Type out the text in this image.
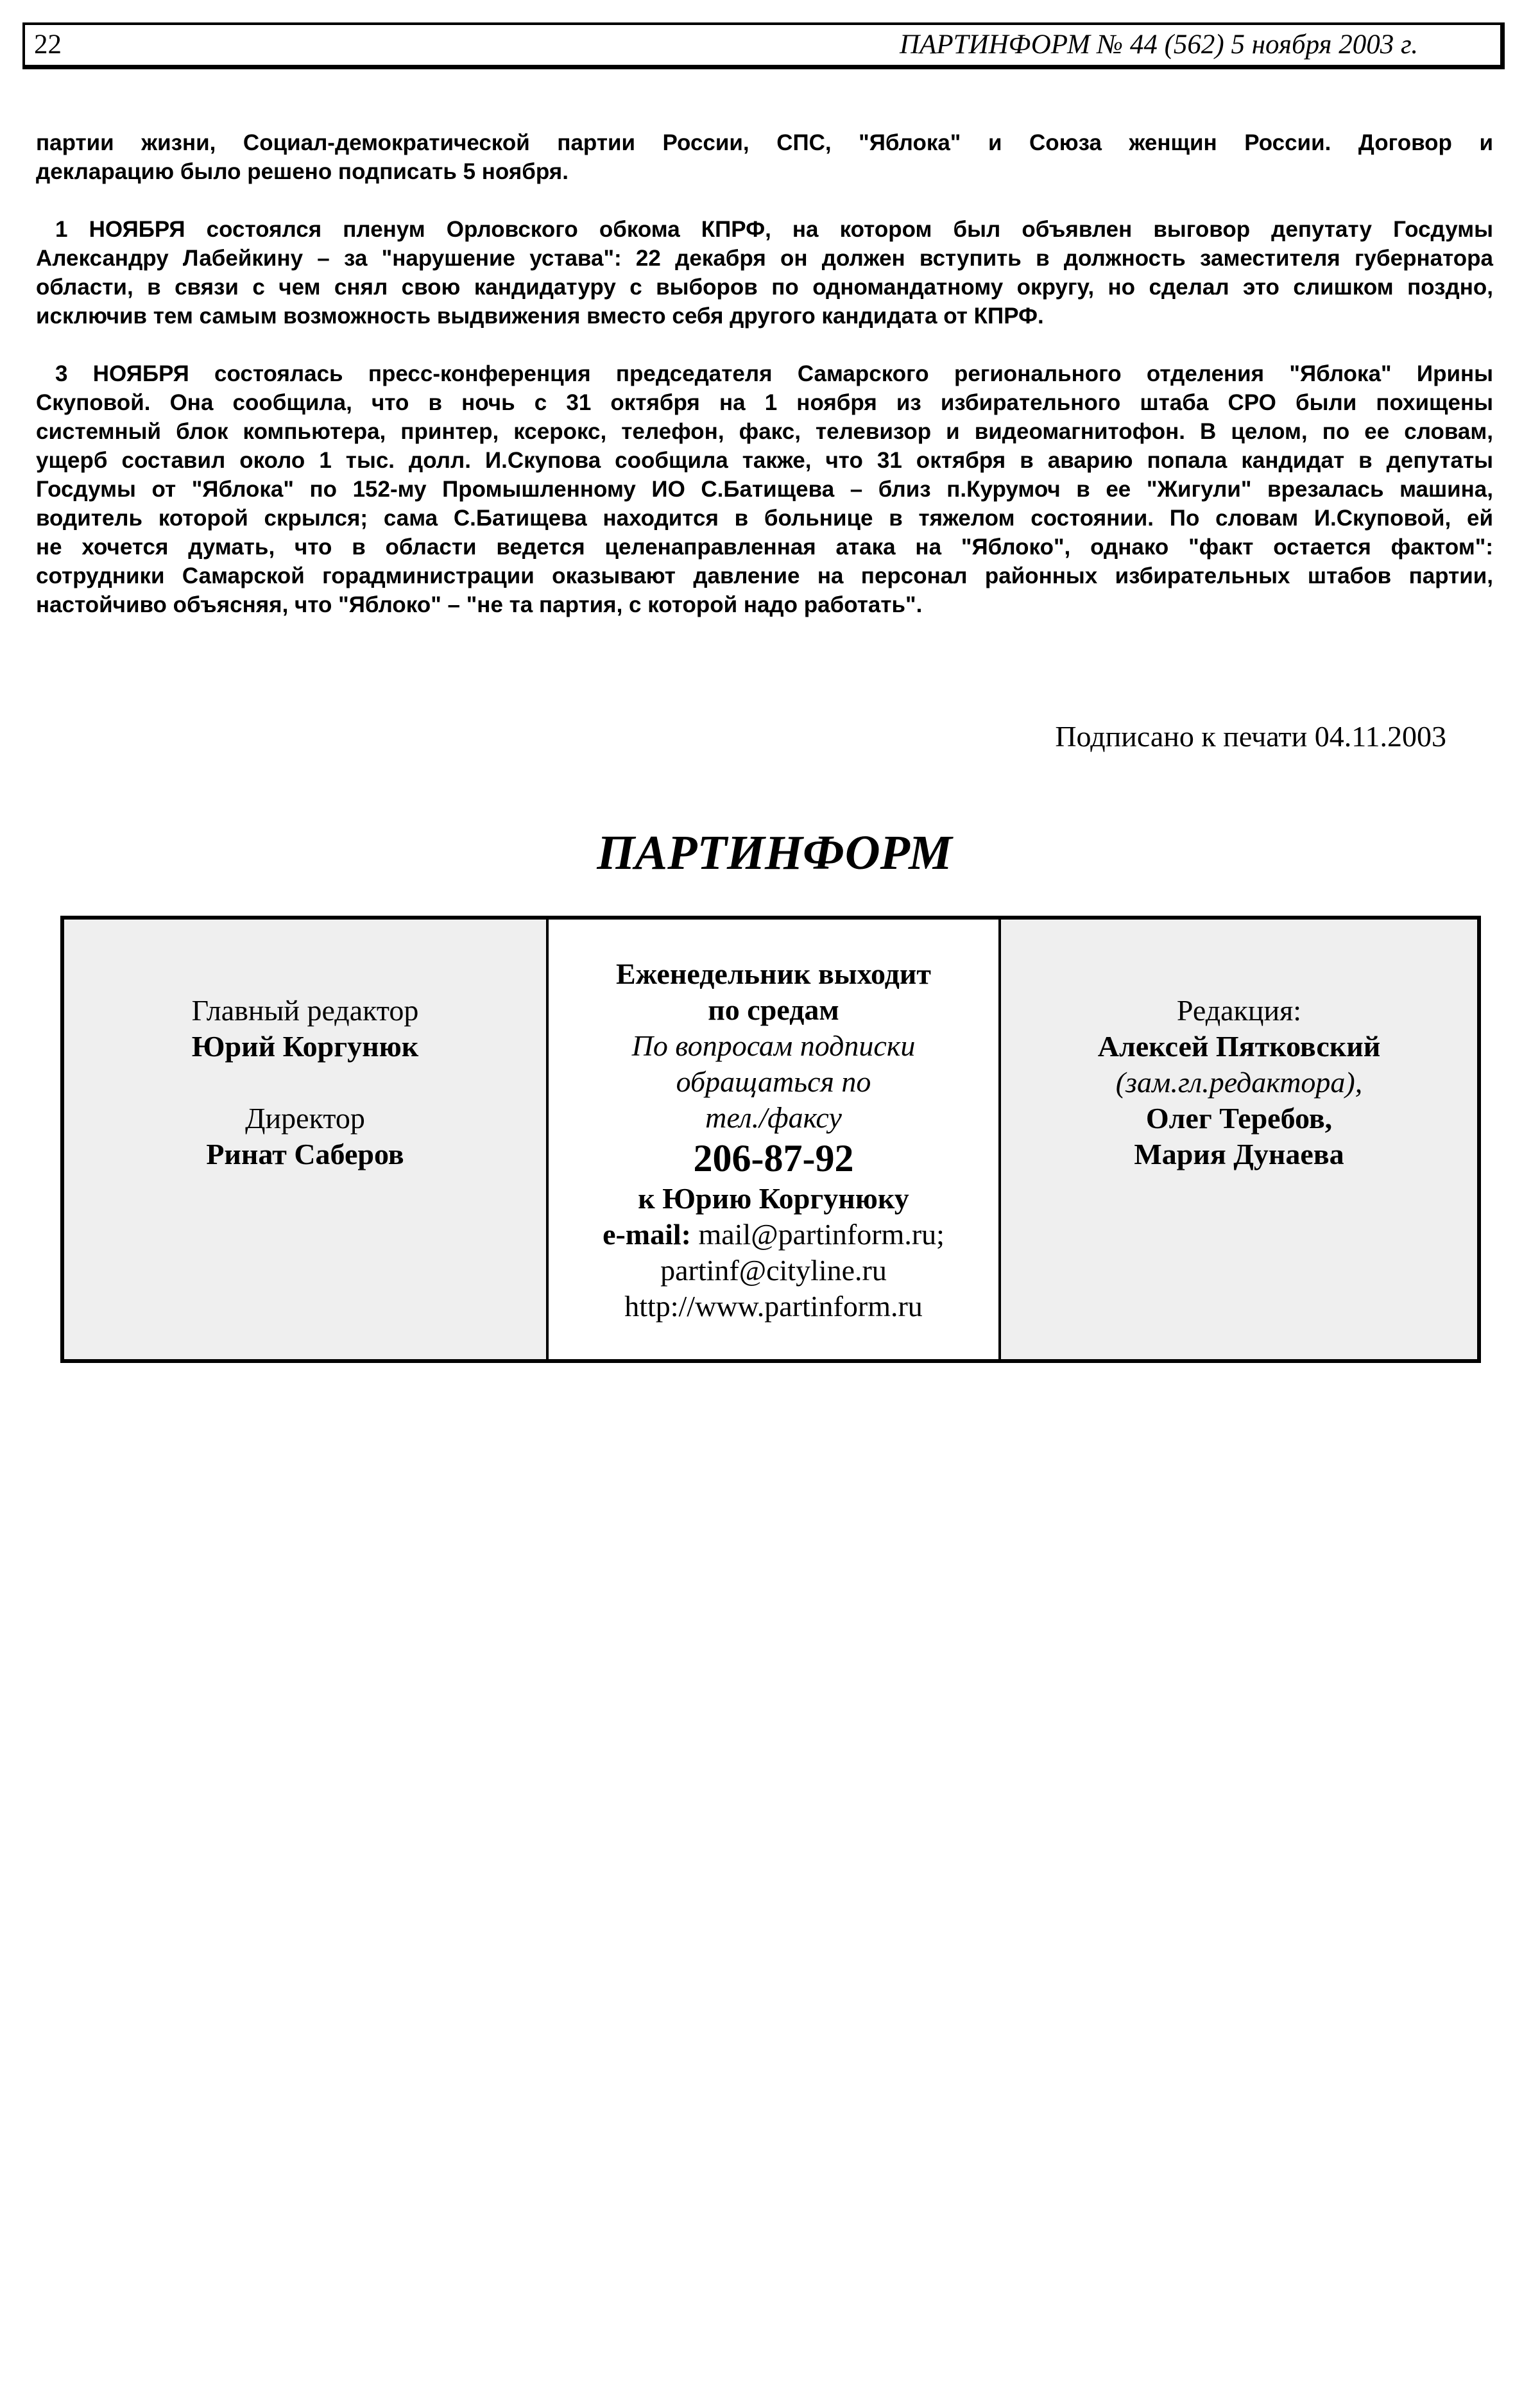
22	ПАРТИНФОРМ № 44 (562) 5 ноября 2003 г.
партии жизни, Социал-демократической партии России, СПС, "Яблока" и Союза женщин России. Договор и
декларацию было решено подписать 5 ноября.
1 НОЯБРЯ состоялся пленум Орловского обкома КПРФ, на котором был объявлен выговор депутату Госдумы
Александру Лабейкину – за "нарушение устава": 22 декабря он должен вступить в должность заместителя губернатора
области, в связи с чем снял свою кандидатуру с выборов по одномандатному округу, но сделал это слишком поздно,
исключив тем самым возможность выдвижения вместо себя другого кандидата от КПРФ.
3 НОЯБРЯ состоялась пресс-конференция председателя Самарского регионального отделения "Яблока" Ирины
Скуповой. Она сообщила, что в ночь с 31 октября на 1 ноября из избирательного штаба СРО были похищены
системный блок компьютера, принтер, ксерокс, телефон, факс, телевизор и видеомагнитофон. В целом, по ее словам,
ущерб составил около 1 тыс. долл. И.Скупова сообщила также, что 31 октября в аварию попала кандидат в депутаты
Госдумы от "Яблока" по 152-му Промышленному ИО С.Батищева – близ п.Курумоч в ее "Жигули" врезалась машина,
водитель которой скрылся; сама С.Батищева находится в больнице в тяжелом состоянии. По словам И.Скуповой, ей
не хочется думать, что в области ведется целенаправленная атака на "Яблоко", однако "факт остается фактом":
сотрудники Самарской горадминистрации оказывают давление на персонал районных избирательных штабов партии,
настойчиво объясняя, что "Яблоко" – "не та партия, с которой надо работать".
Подписано к печати 04.11.2003
ПАРТИНФОРМ
Главный редактор
Юрий Коргунюк
Директор
Ринат Саберов
Еженедельник выходит
по средам
По вопросам подписки
обращаться по
тел./факсу
206-87-92
к Юрию Коргунюку
e-mail: mail@partinform.ru;
partinf@cityline.ru
http://www.partinform.ru
Редакция:
Алексей Пятковский
(зам.гл.редактора),
Олег Теребов,
Мария Дунаева
